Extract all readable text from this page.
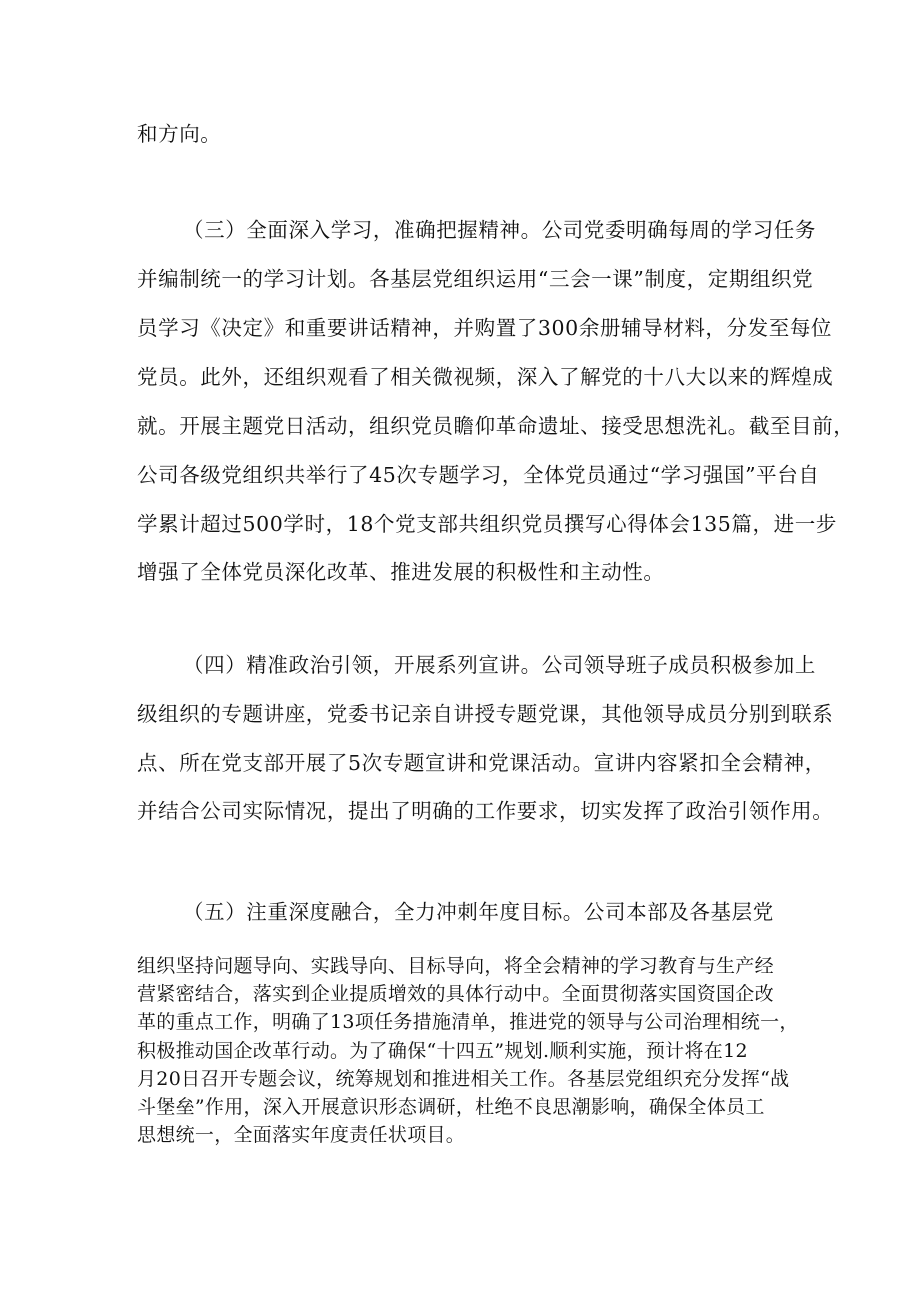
和方向。
（三）全面深入学习，准确把握精神。公司党委明确每周的学习任务
并编制统一的学习计划。各基层党组织运用“三会一课”制度，定期组织党
员学习《决定》和重要讲话精神，并购置了300余册辅导材料，分发至每位
党员。此外，还组织观看了相关微视频，深入了解党的十八大以来的辉煌成
就。开展主题党日活动，组织党员瞻仰革命遗址、接受思想洗礼。截至目前，
公司各级党组织共举行了45次专题学习，全体党员通过“学习强国”平台自
学累计超过500学时，18个党支部共组织党员撰写心得体会135篇，进一步
增强了全体党员深化改革、推进发展的积极性和主动性。
（四）精准政治引领，开展系列宣讲。公司领导班子成员积极参加上
级组织的专题讲座，党委书记亲自讲授专题党课，其他领导成员分别到联系
点、所在党支部开展了5次专题宣讲和党课活动。宣讲内容紧扣全会精神，
并结合公司实际情况，提出了明确的工作要求，切实发挥了政治引领作用。
（五）注重深度融合，全力冲刺年度目标。公司本部及各基层党
组织坚持问题导向、实践导向、目标导向，将全会精神的学习教育与生产经
营紧密结合，落实到企业提质增效的具体行动中。全面贯彻落实国资国企改
革的重点工作，明确了13项任务措施清单，推进党的领导与公司治理相统一，
积极推动国企改革行动。为了确保“十四五”规划.顺利实施，预计将在12
月20日召开专题会议，统筹规划和推进相关工作。各基层党组织充分发挥“战
斗堡垒”作用，深入开展意识形态调研，杜绝不良思潮影响，确保全体员工
思想统一，全面落实年度责任状项目。
